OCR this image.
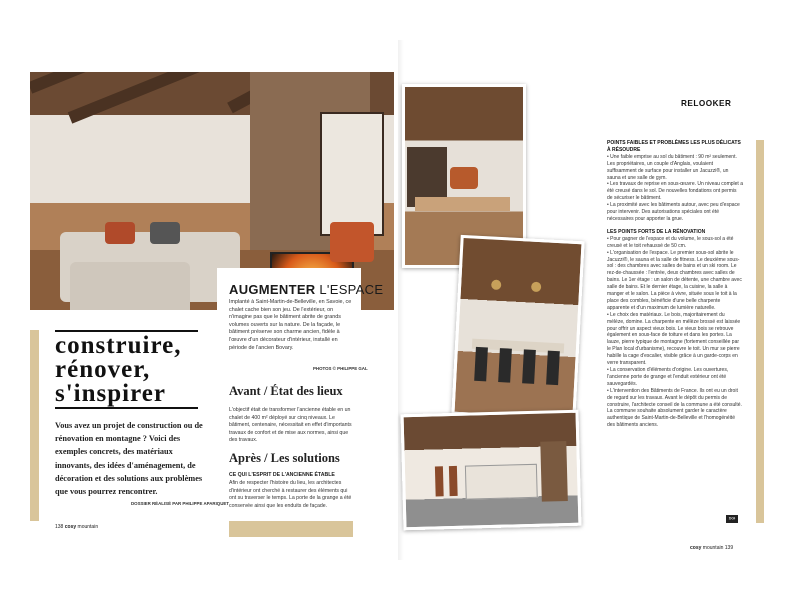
AUGMENTER L'ESPACE
Implanté à Saint-Martin-de-Belleville, en Savoie, ce chalet cache bien son jeu. De l'extérieur, on n'imagine pas que le bâtiment abrite de grands volumes ouverts sur la nature. De la façade, le bâtiment préserve son charme ancien, fidèle à l'œuvre d'un décorateur d'intérieur, installé en période de l'ancien Bovary.
PHOTOS © PHILIPPE GAL
construire,
rénover,
s'inspirer
Vous avez un projet de construction ou de rénovation en montagne ? Voici des exemples concrets, des matériaux innovants, des idées d'aménagement, de décoration et des solutions aux problèmes que vous pourrez rencontrer.
DOSSIER RÉALISÉ PAR PHILIPPE APARIQUET
Avant / État des lieux
L'objectif était de transformer l'ancienne étable en un chalet de 400 m² déployé sur cinq niveaux. Le bâtiment, centenaire, nécessitait en effet d'importants travaux de confort et de mise aux normes, ainsi que des travaux.
Après / Les solutions
CE QUI L'ESPRIT DE L'ANCIENNE ÉTABLE
Afin de respecter l'histoire du lieu, les architectes d'intérieur ont cherché à restaurer des éléments qui ont su traverser le temps. La porte de la grange a été conservée ainsi que les enduits de façade.
138 cosy mountain
RELOOKER

POINTS FAIBLES ET PROBLÈMES LES PLUS DÉLICATS À RÉSOUDRE

• Une faible emprise au sol du bâtiment : 90 m² seulement. Les propriétaires, un couple d'Anglais, voulaient suffisamment de surface pour installer un Jacuzzi®, un sauna et une salle de gym.

• Les travaux de reprise en sous-œuvre. Un niveau complet a été creusé dans le sol. De nouvelles fondations ont permis de sécuriser le bâtiment.

• La proximité avec les bâtiments autour, avec peu d'espace pour intervenir. Des autorisations spéciales ont été nécessaires pour apporter la grue.

LES POINTS FORTS DE LA RÉNOVATION

• Pour gagner de l'espace et du volume, le sous-sol a été creusé et le toit rehaussé de 50 cm.

• L'organisation de l'espace. Le premier sous-sol abrite le Jacuzzi®, le sauna et la salle de fitness. Le deuxième sous-sol : des chambres avec salles de bains et un ski room. Le rez-de-chaussée : l'entrée, deux chambres avec salles de bains. Le 1er étage : un salon de détente, une chambre avec salle de bains. Et le dernier étage, la cuisine, la salle à manger et le salon. La pièce à vivre, située sous le toit à la place des combles, bénéficie d'une belle charpente apparente et d'un maximum de lumière naturelle.

• Le choix des matériaux. Le bois, majoritairement du mélèze, domine. La charpente en mélèze brossé est laissée pour offrir un aspect vieux bois. Le vieux bois se retrouve également en sous-face de toiture et dans les portes. La lauze, pierre typique de montagne (fortement conseillée par le Plan local d'urbanisme), recouvre le toit. Un mur se pierre habille la cage d'escalier, visible grâce à un garde-corps en verre transparent.

• La conservation d'éléments d'origine. Les ouvertures, l'ancienne porte de grange et l'enduit extérieur ont été sauvegardés.

• L'intervention des Bâtiments de France. Ils ont eu un droit de regard sur les travaux. Avant le dépôt du permis de construire, l'architecte conseil de la commune a été consulté. La commune souhaite absolument garder le caractère authentique de Saint-Martin-de-Belleville et l'homogénéité des bâtiments anciens.

»»
cosy mountain 139
